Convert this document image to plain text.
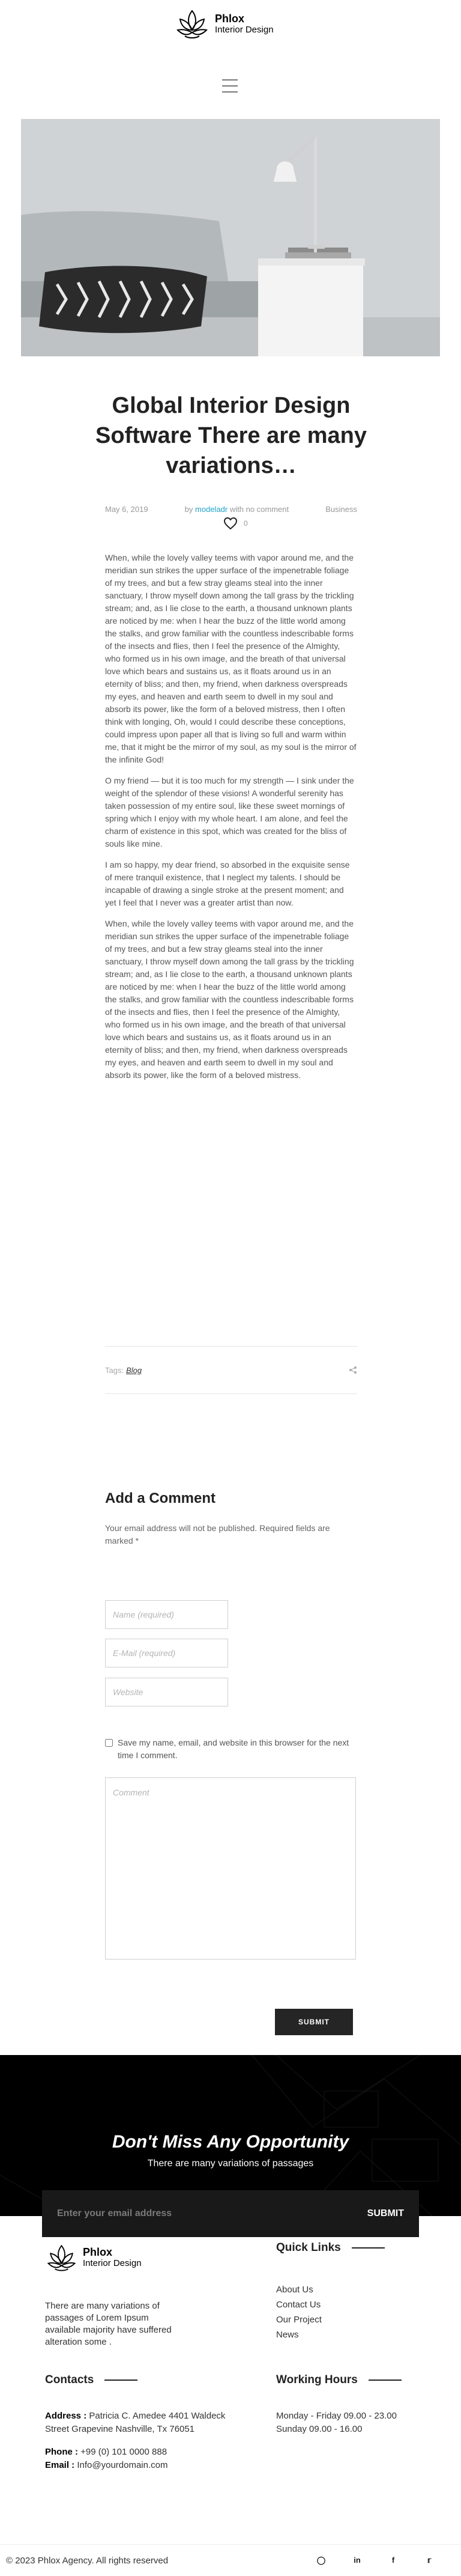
Phlox
Interior Design
Global Interior Design Software There are many variations…
May 6, 2019	by modeladr with no comment	Business
0

When, while the lovely valley teems with vapor around me, and the meridian sun strikes the upper surface of the impenetrable foliage of my trees, and but a few stray gleams steal into the inner sanctuary, I throw myself down among the tall grass by the trickling stream; and, as I lie close to the earth, a thousand unknown plants are noticed by me: when I hear the buzz of the little world among the stalks, and grow familiar with the countless indescribable forms of the insects and flies, then I feel the presence of the Almighty, who formed us in his own image, and the breath of that universal love which bears and sustains us, as it floats around us in an eternity of bliss; and then, my friend, when darkness overspreads my eyes, and heaven and earth seem to dwell in my soul and absorb its power, like the form of a beloved mistress, then I often think with longing, Oh, would I could describe these conceptions, could impress upon paper all that is living so full and warm within me, that it might be the mirror of my soul, as my soul is the mirror of the infinite God!

O my friend — but it is too much for my strength — I sink under the weight of the splendor of these visions! A wonderful serenity has taken possession of my entire soul, like these sweet mornings of spring which I enjoy with my whole heart. I am alone, and feel the charm of existence in this spot, which was created for the bliss of souls like mine.

I am so happy, my dear friend, so absorbed in the exquisite sense of mere tranquil existence, that I neglect my talents. I should be incapable of drawing a single stroke at the present moment; and yet I feel that I never was a greater artist than now.

When, while the lovely valley teems with vapor around me, and the meridian sun strikes the upper surface of the impenetrable foliage of my trees, and but a few stray gleams steal into the inner sanctuary, I throw myself down among the tall grass by the trickling stream; and, as I lie close to the earth, a thousand unknown plants are noticed by me: when I hear the buzz of the little world among the stalks, and grow familiar with the countless indescribable forms of the insects and flies, then I feel the presence of the Almighty, who formed us in his own image, and the breath of that universal love which bears and sustains us, as it floats around us in an eternity of bliss; and then, my friend, when darkness overspreads my eyes, and heaven and earth seem to dwell in my soul and absorb its power, like the form of a beloved mistress.

Tags: Blog
Add a Comment
Your email address will not be published. Required fields are marked *
Name (required)
E-Mail (required)
Website
Save my name, email, and website in this browser for the next time I comment.
Comment
SUBMIT
Don't Miss Any Opportunity
There are many variations of passages
Enter your email address
SUBMIT
Phlox
Interior Design
There are many variations of passages of Lorem Ipsum available majority have suffered alteration some .
Quick Links
About Us
Contact Us
Our Project
News
Contacts
Address : Patricia C. Amedee 4401 Waldeck Street Grapevine Nashville, Tx 76051
Phone : +99 (0) 101 0000 888
Email : Info@yourdomain.com
Working Hours
Monday - Friday 09.00 - 23.00
Sunday 09.00 - 16.00
© 2023 Phlox Agency. All rights reserved	◯	in	f	𝕣
